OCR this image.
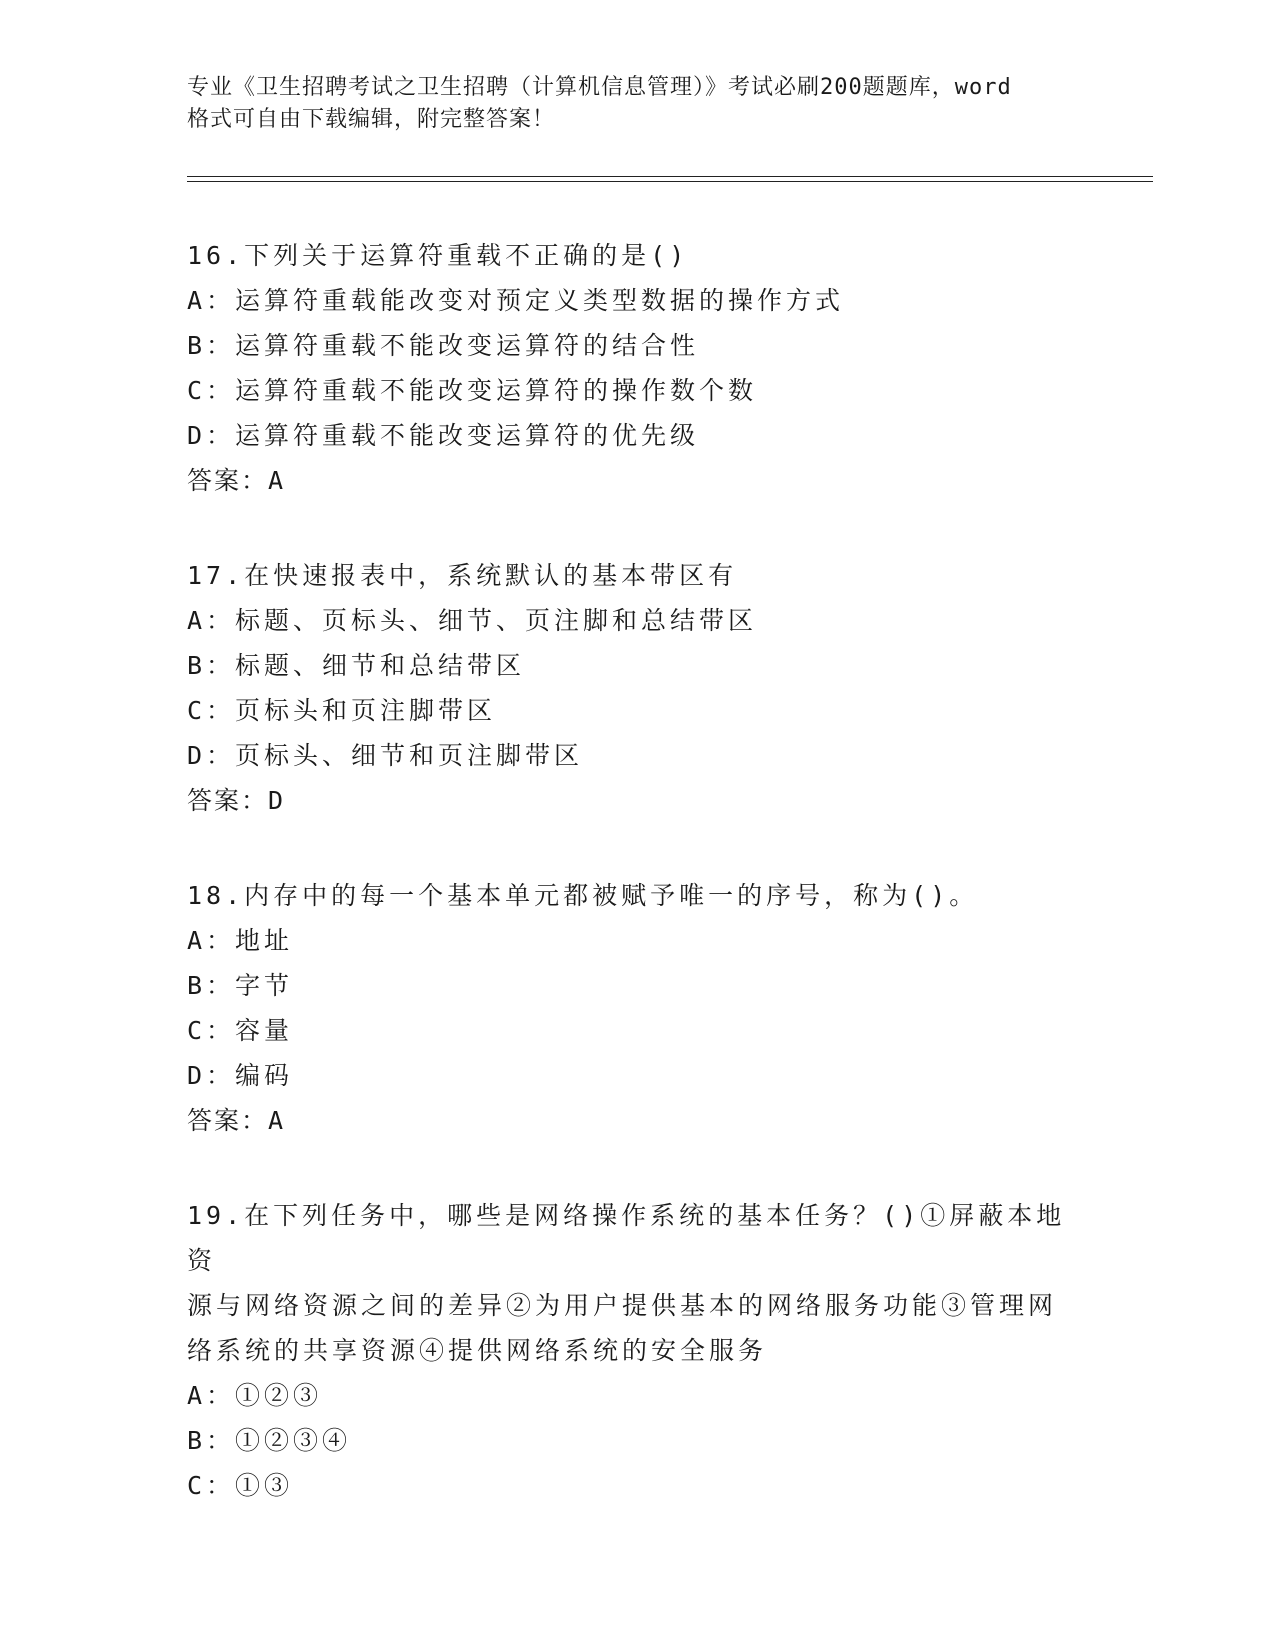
专业《卫生招聘考试之卫生招聘（计算机信息管理）》考试必刷200题题库，word
格式可自由下载编辑，附完整答案！
16.下列关于运算符重载不正确的是()
A：运算符重载能改变对预定义类型数据的操作方式
B：运算符重载不能改变运算符的结合性
C：运算符重载不能改变运算符的操作数个数
D：运算符重载不能改变运算符的优先级
答案：A
17.在快速报表中，系统默认的基本带区有
A：标题、页标头、细节、页注脚和总结带区
B：标题、细节和总结带区
C：页标头和页注脚带区
D：页标头、细节和页注脚带区
答案：D
18.内存中的每一个基本单元都被赋予唯一的序号，称为()。
A：地址
B：字节
C：容量
D：编码
答案：A
19.在下列任务中，哪些是网络操作系统的基本任务？()①屏蔽本地资
源与网络资源之间的差异②为用户提供基本的网络服务功能③管理网
络系统的共享资源④提供网络系统的安全服务
A：①②③
B：①②③④
C：①③
